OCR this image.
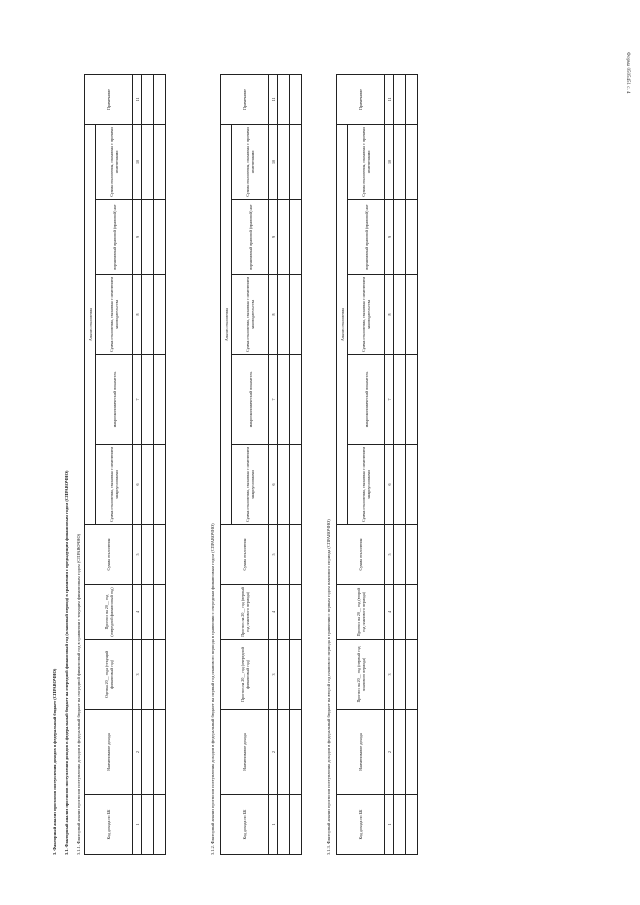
Форма 0505451 с. 4
3. Факторный анализ прогнозов поступления доходов в федеральный бюджет (СПРАВОЧНО) 3.1. Факторный анализ прогнозов поступления доходов в федеральный бюджет на очередной финансовый год (плановый период) в сравнении с предыдущим финансовым годом (СПРАВОЧНО) 3.1.1. Факторный анализ прогнозов поступления доходов в федеральный бюджет на очередной финансовый год в сравнении с текущим финансовым годом (СПРАВОЧНО)	Код дохода по БК	Наименование дохода	Оценка 20__ года (текущий финансовый год)	Прогноз на 20__ год (очередной финансовый год)	Сумма отклонения	Анализ отклонения					Примечание
					Сумма отклонения, связанная с изменением макроусловиями	макроэкономический показатель	Сумма отклонения, связанная с изменением законодательства	нормативный правовой (правовой) акт	Сумма отклонения, связанная с прочими изменениями	
1	2	3	4	5	6	7	8	9	10	11

3.1.2. Факторный анализ прогнозов поступления доходов в федеральный бюджет на первый год планового периода в сравнении с очередным финансовым годом (СПРАВОЧНО)	Код дохода по БК	Наименование дохода	Прогноз на 20__ год (очередной финансовый год)	Прогноз на 20__ год (первый год планового периода)	Сумма отклонения	Анализ отклонения					Примечание
					Сумма отклонения, связанная с изменением макроусловиями	макроэкономический показатель	Сумма отклонения, связанная с изменением законодательства	нормативный правовой (правовой) акт	Сумма отклонения, связанная с прочими изменениями	
1	2	3	4	5	6	7	8	9	10	11

3.1.3. Факторный анализ прогнозов поступления доходов в федеральный бюджет на второй год планового периода в сравнении с первым годом планового периода (СПРАВОЧНО)	Код дохода по БК	Наименование дохода	Прогноз на 20__ год (первый год планового периода)	Прогноз на 20__ год (второй год планового периода)	Сумма отклонения	Анализ отклонения					Примечание
					Сумма отклонения, связанная с изменением макроусловиями	макроэкономический показатель	Сумма отклонения, связанная с изменением законодательства	нормативный правовой (правовой) акт	Сумма отклонения, связанная с прочими изменениями	
1	2	3	4	5	6	7	8	9	10	11
